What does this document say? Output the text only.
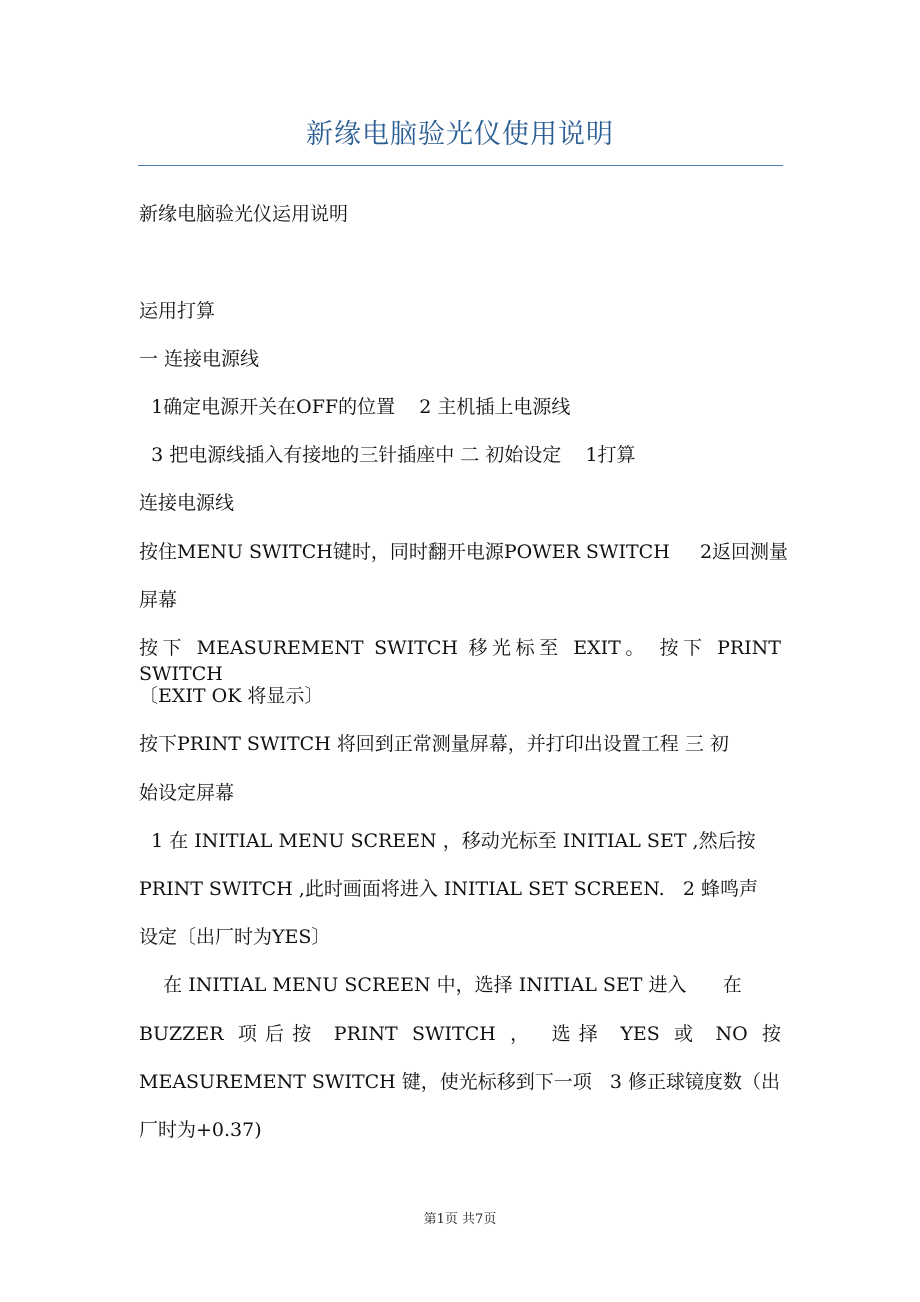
新缘电脑验光仪使用说明
新缘电脑验光仪运用说明
运用打算
一 连接电源线
1确定电源开关在OFF的位置    2 主机插上电源线
3 把电源线插入有接地的三针插座中 二 初始设定    1打算
连接电源线
按住MENU SWITCH键时，同时翻开电源POWER SWITCH     2返回测量
屏幕
按下 MEASUREMENT SWITCH 移光标至 EXIT。 按下 PRINT SWITCH
〔EXIT OK 将显示〕
按下PRINT SWITCH 将回到正常测量屏幕，并打印出设置工程 三 初
始设定屏幕
1 在 INITIAL MENU SCREEN ，移动光标至 INITIAL SET ,然后按
PRINT SWITCH ,此时画面将进入 INITIAL SET SCREEN.   2 蜂鸣声
设定〔出厂时为YES〕
在 INITIAL MENU SCREEN 中，选择 INITIAL SET 进入      在
BUZZER 项后按 PRINT SWITCH ， 选择 YES 或 NO 按
MEASUREMENT SWITCH 键，使光标移到下一项   3 修正球镜度数（出
厂时为+0.37)
第1页 共7页
